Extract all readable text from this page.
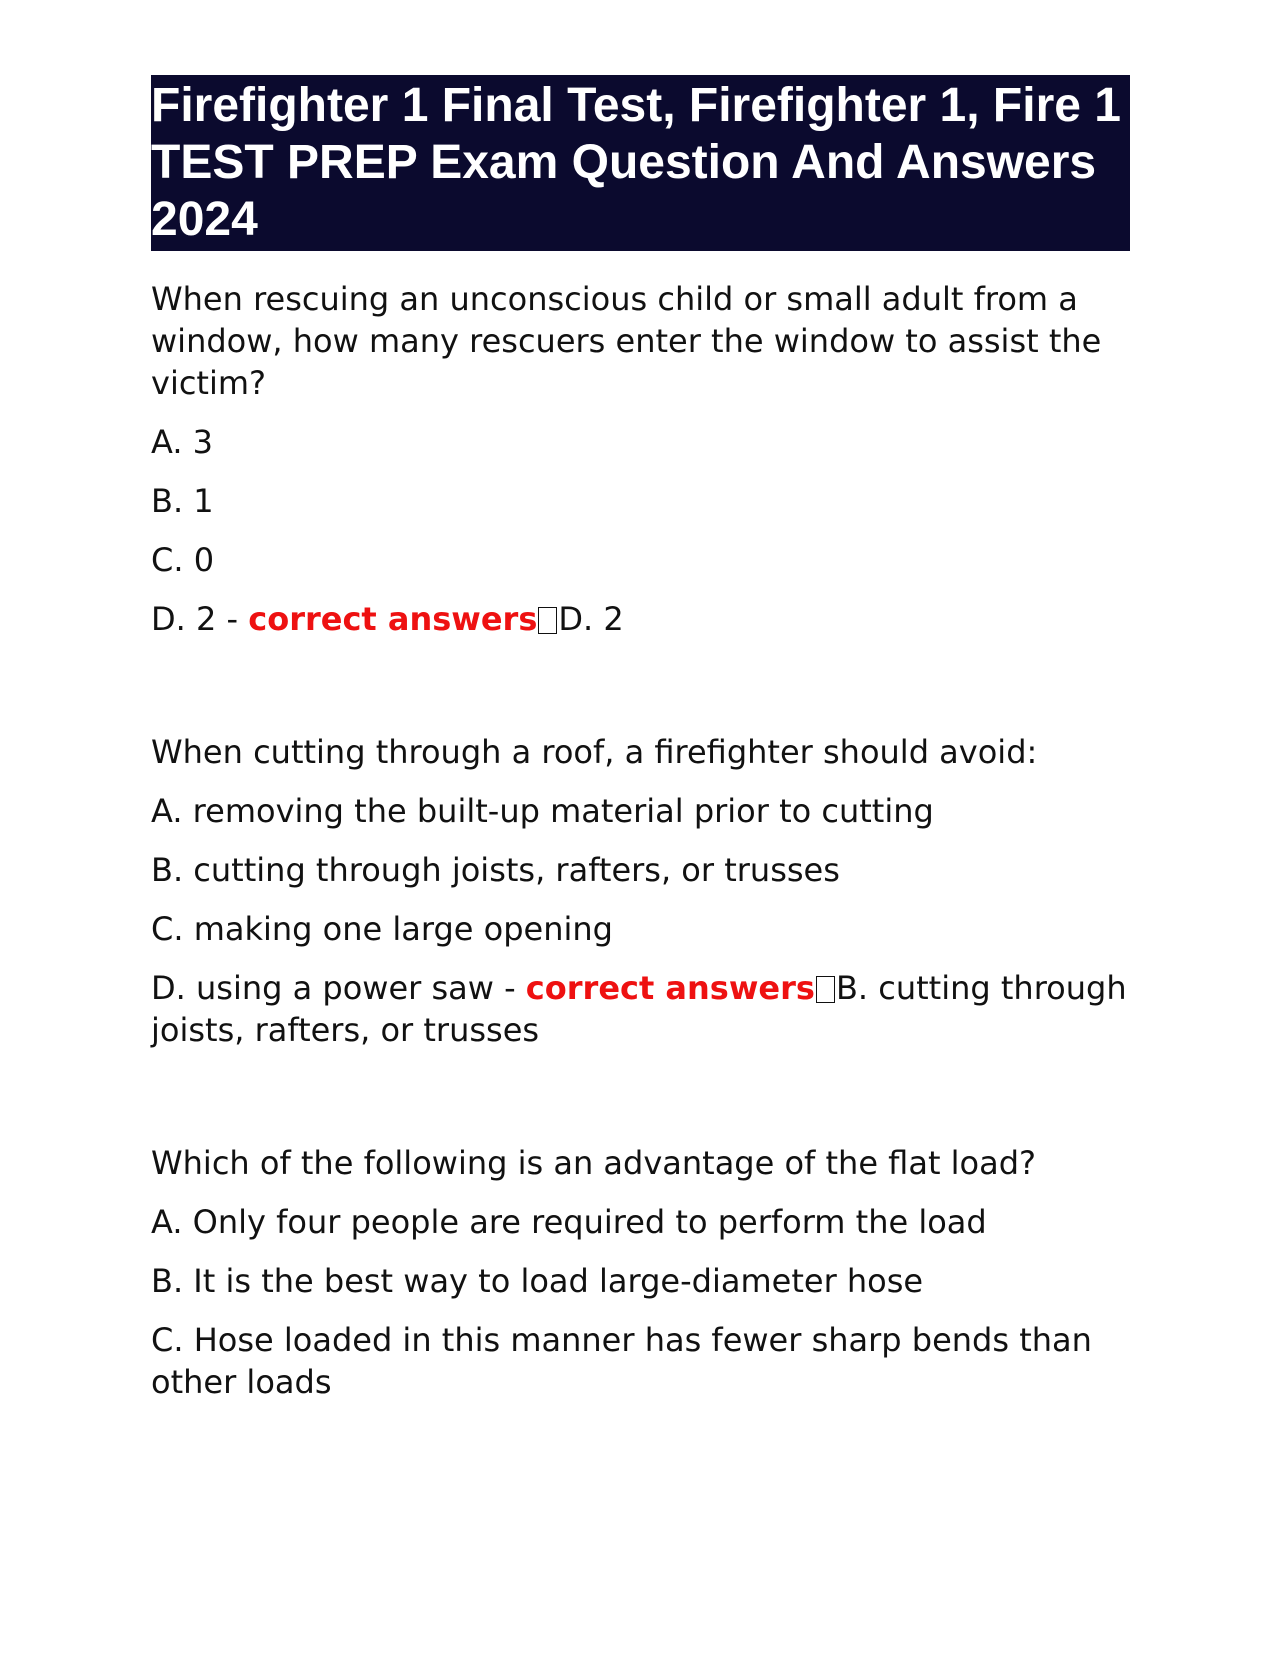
Firefighter 1 Final Test, Firefighter 1, Fire 1 TEST PREP Exam Question And Answers 2024

When rescuing an unconscious child or small adult from a window, how many rescuers enter the window to assist the victim?

A. 3

B. 1

C. 0

D. 2 - correct answers D. 2

When cutting through a roof, a firefighter should avoid:

A. removing the built-up material prior to cutting

B. cutting through joists, rafters, or trusses

C. making one large opening

D. using a power saw - correct answers B. cutting through joists, rafters, or trusses

Which of the following is an advantage of the flat load?

A. Only four people are required to perform the load

B. It is the best way to load large-diameter hose

C. Hose loaded in this manner has fewer sharp bends than other loads
